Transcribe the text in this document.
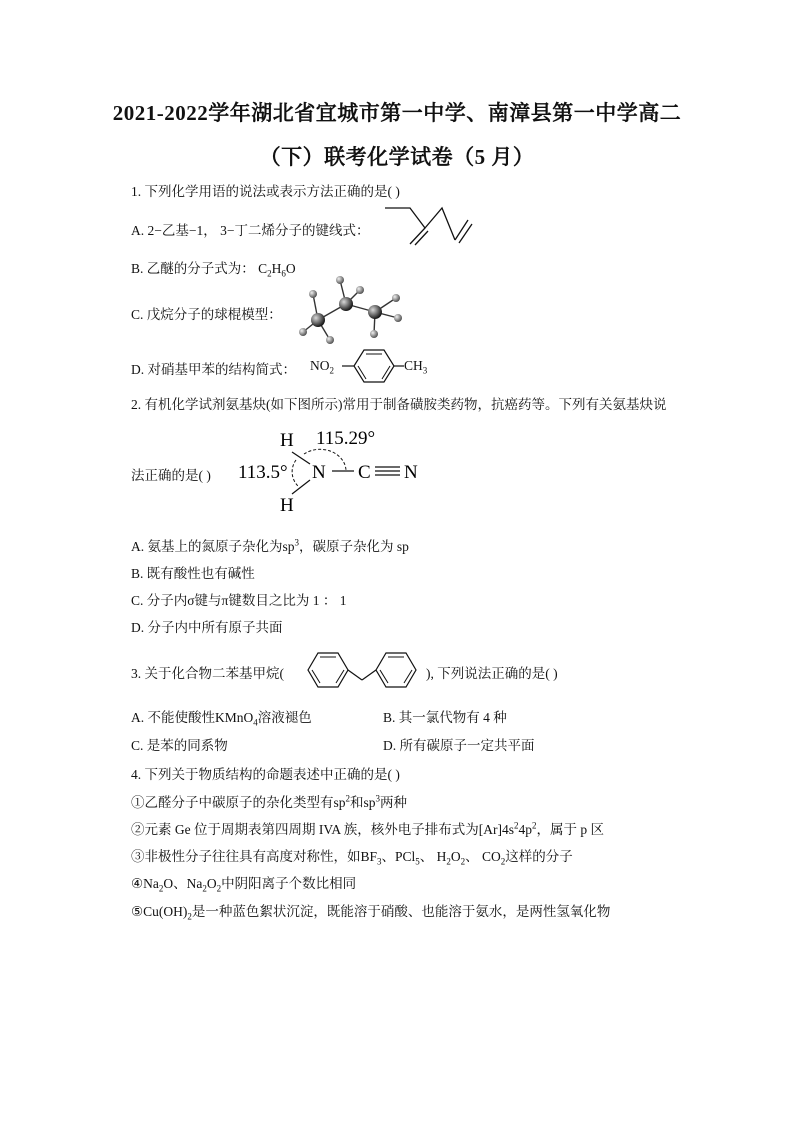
2021-2022学年湖北省宜城市第一中学、南漳县第一中学高二
（下）联考化学试卷（5 月）
1. 下列化学用语的说法或表示方法正确的是( )
A. 2−乙基−1， 3−丁二烯分子的键线式：
B. 乙醚的分子式为： $C_2H_6O$
C. 戊烷分子的球棍模型：
D. 对硝基甲苯的结构简式： $NO_2$	$CH_3$
2. 有机化学试剂氨基炔(如下图所示)常用于制备磺胺类药物，抗癌药等。下列有关氨基炔说
法正确的是( )
H
H
N C N
115.29°
113.5°
A. 氨基上的氮原子杂化为$sp^3$，碳原子杂化为 sp
B. 既有酸性也有碱性
C. 分子内σ键与π键数目之比为 1 ： 1
D. 分子内中所有原子共面
3. 关于化合物二苯基甲烷(	), 下列说法正确的是( )
A. 不能使酸性KMnO$_4$溶液褪色	B. 其一氯代物有 4 种
C. 是苯的同系物	D. 所有碳原子一定共平面
4. 下列关于物质结构的命题表述中正确的是( )
①乙醛分子中碳原子的杂化类型有$sp^2$和$sp^3$两种
②元素 Ge 位于周期表第四周期 IVA 族，核外电子排布式为$[Ar]4s^24p^2$，属于 p 区
③非极性分子往往具有高度对称性，如$BF_3$、PCl$_5$、 $H_2O_2$、 $CO_2$这样的分子
$④Na_2O$、$Na_2O_2$中阴阳离子个数比相同
$⑤Cu(OH)_2$是一种蓝色絮状沉淀，既能溶于硝酸、也能溶于氨水，是两性氢氧化物
